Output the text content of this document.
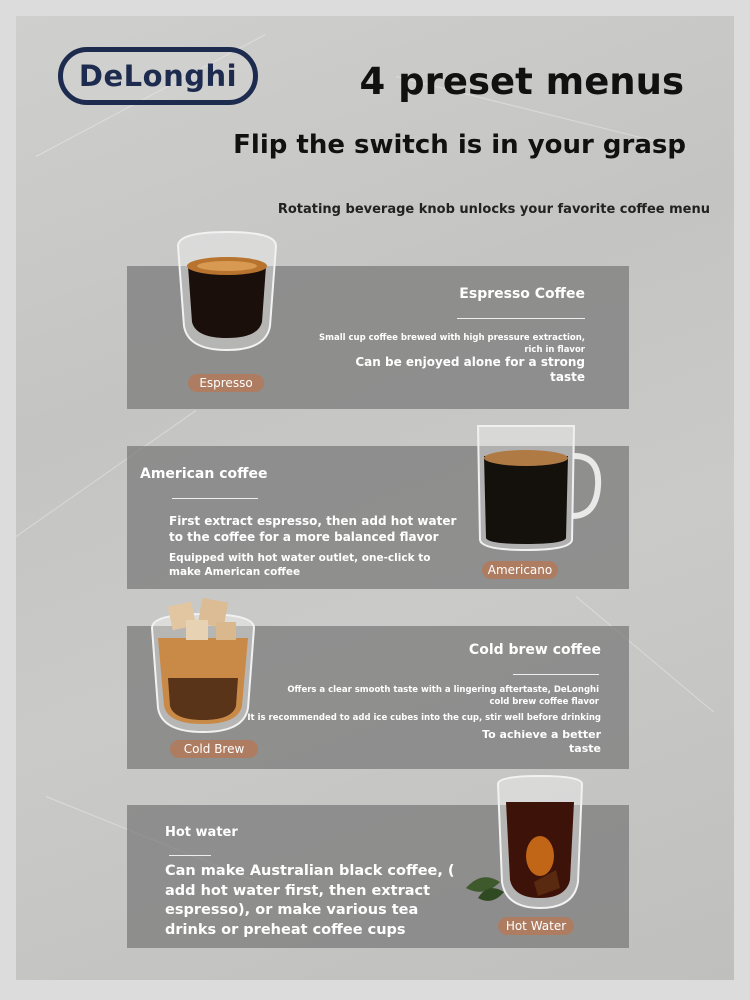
DeLonghi	4 preset menus
Flip the switch is in your grasp
Rotating beverage knob unlocks your favorite coffee menu
Espresso Coffee
Small cup coffee brewed with high pressure extraction, rich in flavor
Can be enjoyed alone for a strong taste
Espresso
American coffee
First extract espresso, then add hot water to the coffee for a more balanced flavor
Equipped with hot water outlet, one-click to make American coffee	Americano
Cold brew coffee
Offers a clear smooth taste with a lingering aftertaste, DeLonghi cold brew coffee flavor
It is recommended to add ice cubes into the cup, stir well before drinking
To achieve a better taste
Cold Brew
Hot water
Can make Australian black coffee, ( add hot water first, then extract espresso), or make various tea drinks or preheat coffee cups	Hot Water
